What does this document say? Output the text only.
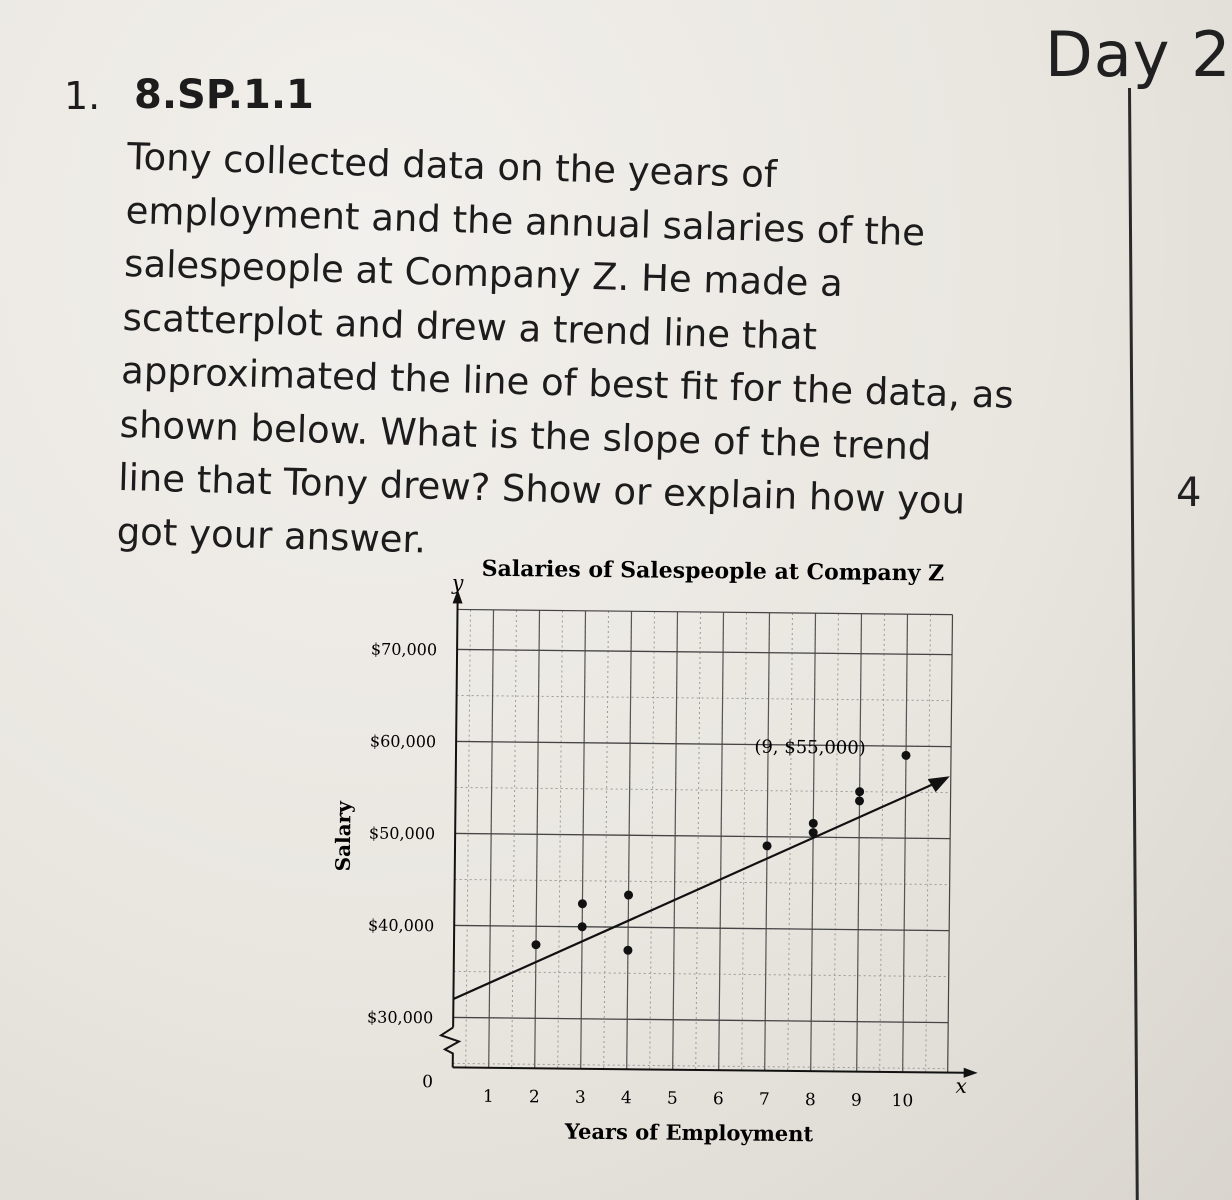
Day 2
4
1. 8.SP.1.1
Tony collected data on the years of
employment and the annual salaries of the
salespeople at Company Z. He made a
scatterplot and drew a trend line that
approximated the line of best fit for the data, as
shown below. What is the slope of the trend
line that Tony drew? Show or explain how you
got your answer.
1 2 3 4 5 6 7 8 9 10
0
$30,000
$40,000
$50,000
$60,000
$70,000
x
y Salaries of Salespeople at Company Z
Years of Employment
Salary
(9, $55,000)
